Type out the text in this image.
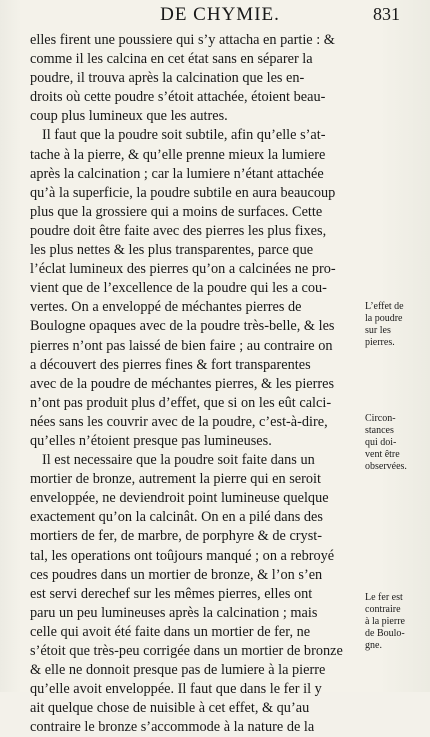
DE CHYMIE.	831
elles firent une poussiere qui s’y attacha en partie : &
comme il les calcina en cet état sans en séparer la
poudre, il trouva après la calcination que les en-
droits où cette poudre s’étoit attachée, étoient beau-
coup plus lumineux que les autres.
Il faut que la poudre soit subtile, afin qu’elle s’at-
tache à la pierre, & qu’elle prenne mieux la lumiere
après la calcination ; car la lumiere n’étant attachée
qu’à la superficie, la poudre subtile en aura beaucoup
plus que la grossiere qui a moins de surfaces. Cette
poudre doit être faite avec des pierres les plus fixes,
les plus nettes & les plus transparentes, parce que
l’éclat lumineux des pierres qu’on a calcinées ne pro-
vient que de l’excellence de la poudre qui les a cou-
vertes. On a enveloppé de méchantes pierres de
Boulogne opaques avec de la poudre très-belle, & les
pierres n’ont pas laissé de bien faire ; au contraire on
a découvert des pierres fines & fort transparentes
avec de la poudre de méchantes pierres, & les pierres
n’ont pas produit plus d’effet, que si on les eût calci-
nées sans les couvrir avec de la poudre, c’est-à-dire,
qu’elles n’étoient presque pas lumineuses.
Il est necessaire que la poudre soit faite dans un
mortier de bronze, autrement la pierre qui en seroit
enveloppée, ne deviendroit point lumineuse quelque
exactement qu’on la calcinât. On en a pilé dans des
mortiers de fer, de marbre, de porphyre & de cryst-
tal, les operations ont toûjours manqué ; on a rebroyé
ces poudres dans un mortier de bronze, & l’on s’en
est servi derechef sur les mêmes pierres, elles ont
paru un peu lumineuses après la calcination ; mais
celle qui avoit été faite dans un mortier de fer, ne
s’étoit que très-peu corrigée dans un mortier de bronze
& elle ne donnoit presque pas de lumiere à la pierre
qu’elle avoit enveloppée. Il faut que dans le fer il y
ait quelque chose de nuisible à cet effet, & qu’au
contraire le bronze s’accommode à la nature de la
L’effet de
la poudre
sur les
pierres.
Circon-
stances
qui doi-
vent être
observées.
Le fer est
contraire
à la pierre
de Boulo-
gne.
